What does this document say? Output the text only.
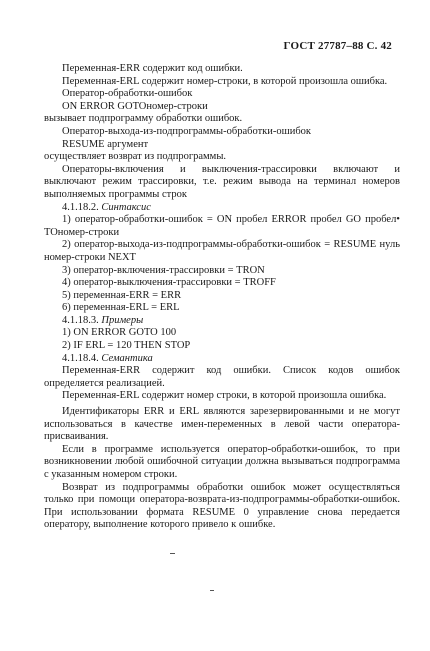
ГОСТ 27787–88 С. 42

Переменная-ERR содержит код ошибки.

Переменная-ERL содержит номер-строки, в которой произошла ошибка.

Оператор-обработки-ошибок

ON ERROR GOTOномер-строки

вызывает подпрограмму обработки ошибок.

Оператор-выхода-из-подпрограммы-обработки-ошибок

RESUME аргумент

осуществляет возврат из подпрограммы.

Операторы-включения и выключения-трассировки включают и выключают режим трассировки, т.е. режим вывода на терминал номеров выполняемых программы строк

4.1.18.2. Синтаксис

1) оператор-обработки-ошибок = ON пробел ERROR пробел GO пробел• TOномер-строки

2) оператор-выхода-из-подпрограммы-обработки-ошибок = RESUME нуль номер-строки NEXT

3) оператор-включения-трассировки = TRON

4) оператор-выключения-трассировки = TROFF

5) переменная-ERR = ERR

6) переменная-ERL = ERL

4.1.18.3. Примеры

1) ON ERROR GOTO 100

2) IF ERL = 120 THEN STOP

4.1.18.4. Семантика

Переменная-ERR содержит код ошибки. Список кодов ошибок определяется реализацией.

Переменная-ERL содержит номер строки, в которой произошла ошибка.

Идентификаторы ERR и ERL являются зарезервированными и не могут использоваться в качестве имен-переменных в левой части оператора-присваивания.

Если в программе используется оператор-обработки-ошибок, то при возникновении любой ошибочной ситуации должна вызываться подпрограмма с указанным номером строки.

Возврат из подпрограммы обработки ошибок может осуществляться только при помощи оператора-возврата-из-подпрограммы-обработки-ошибок. При использовании формата RESUME 0 управление снова передается оператору, выполнение которого привело к ошибке.
